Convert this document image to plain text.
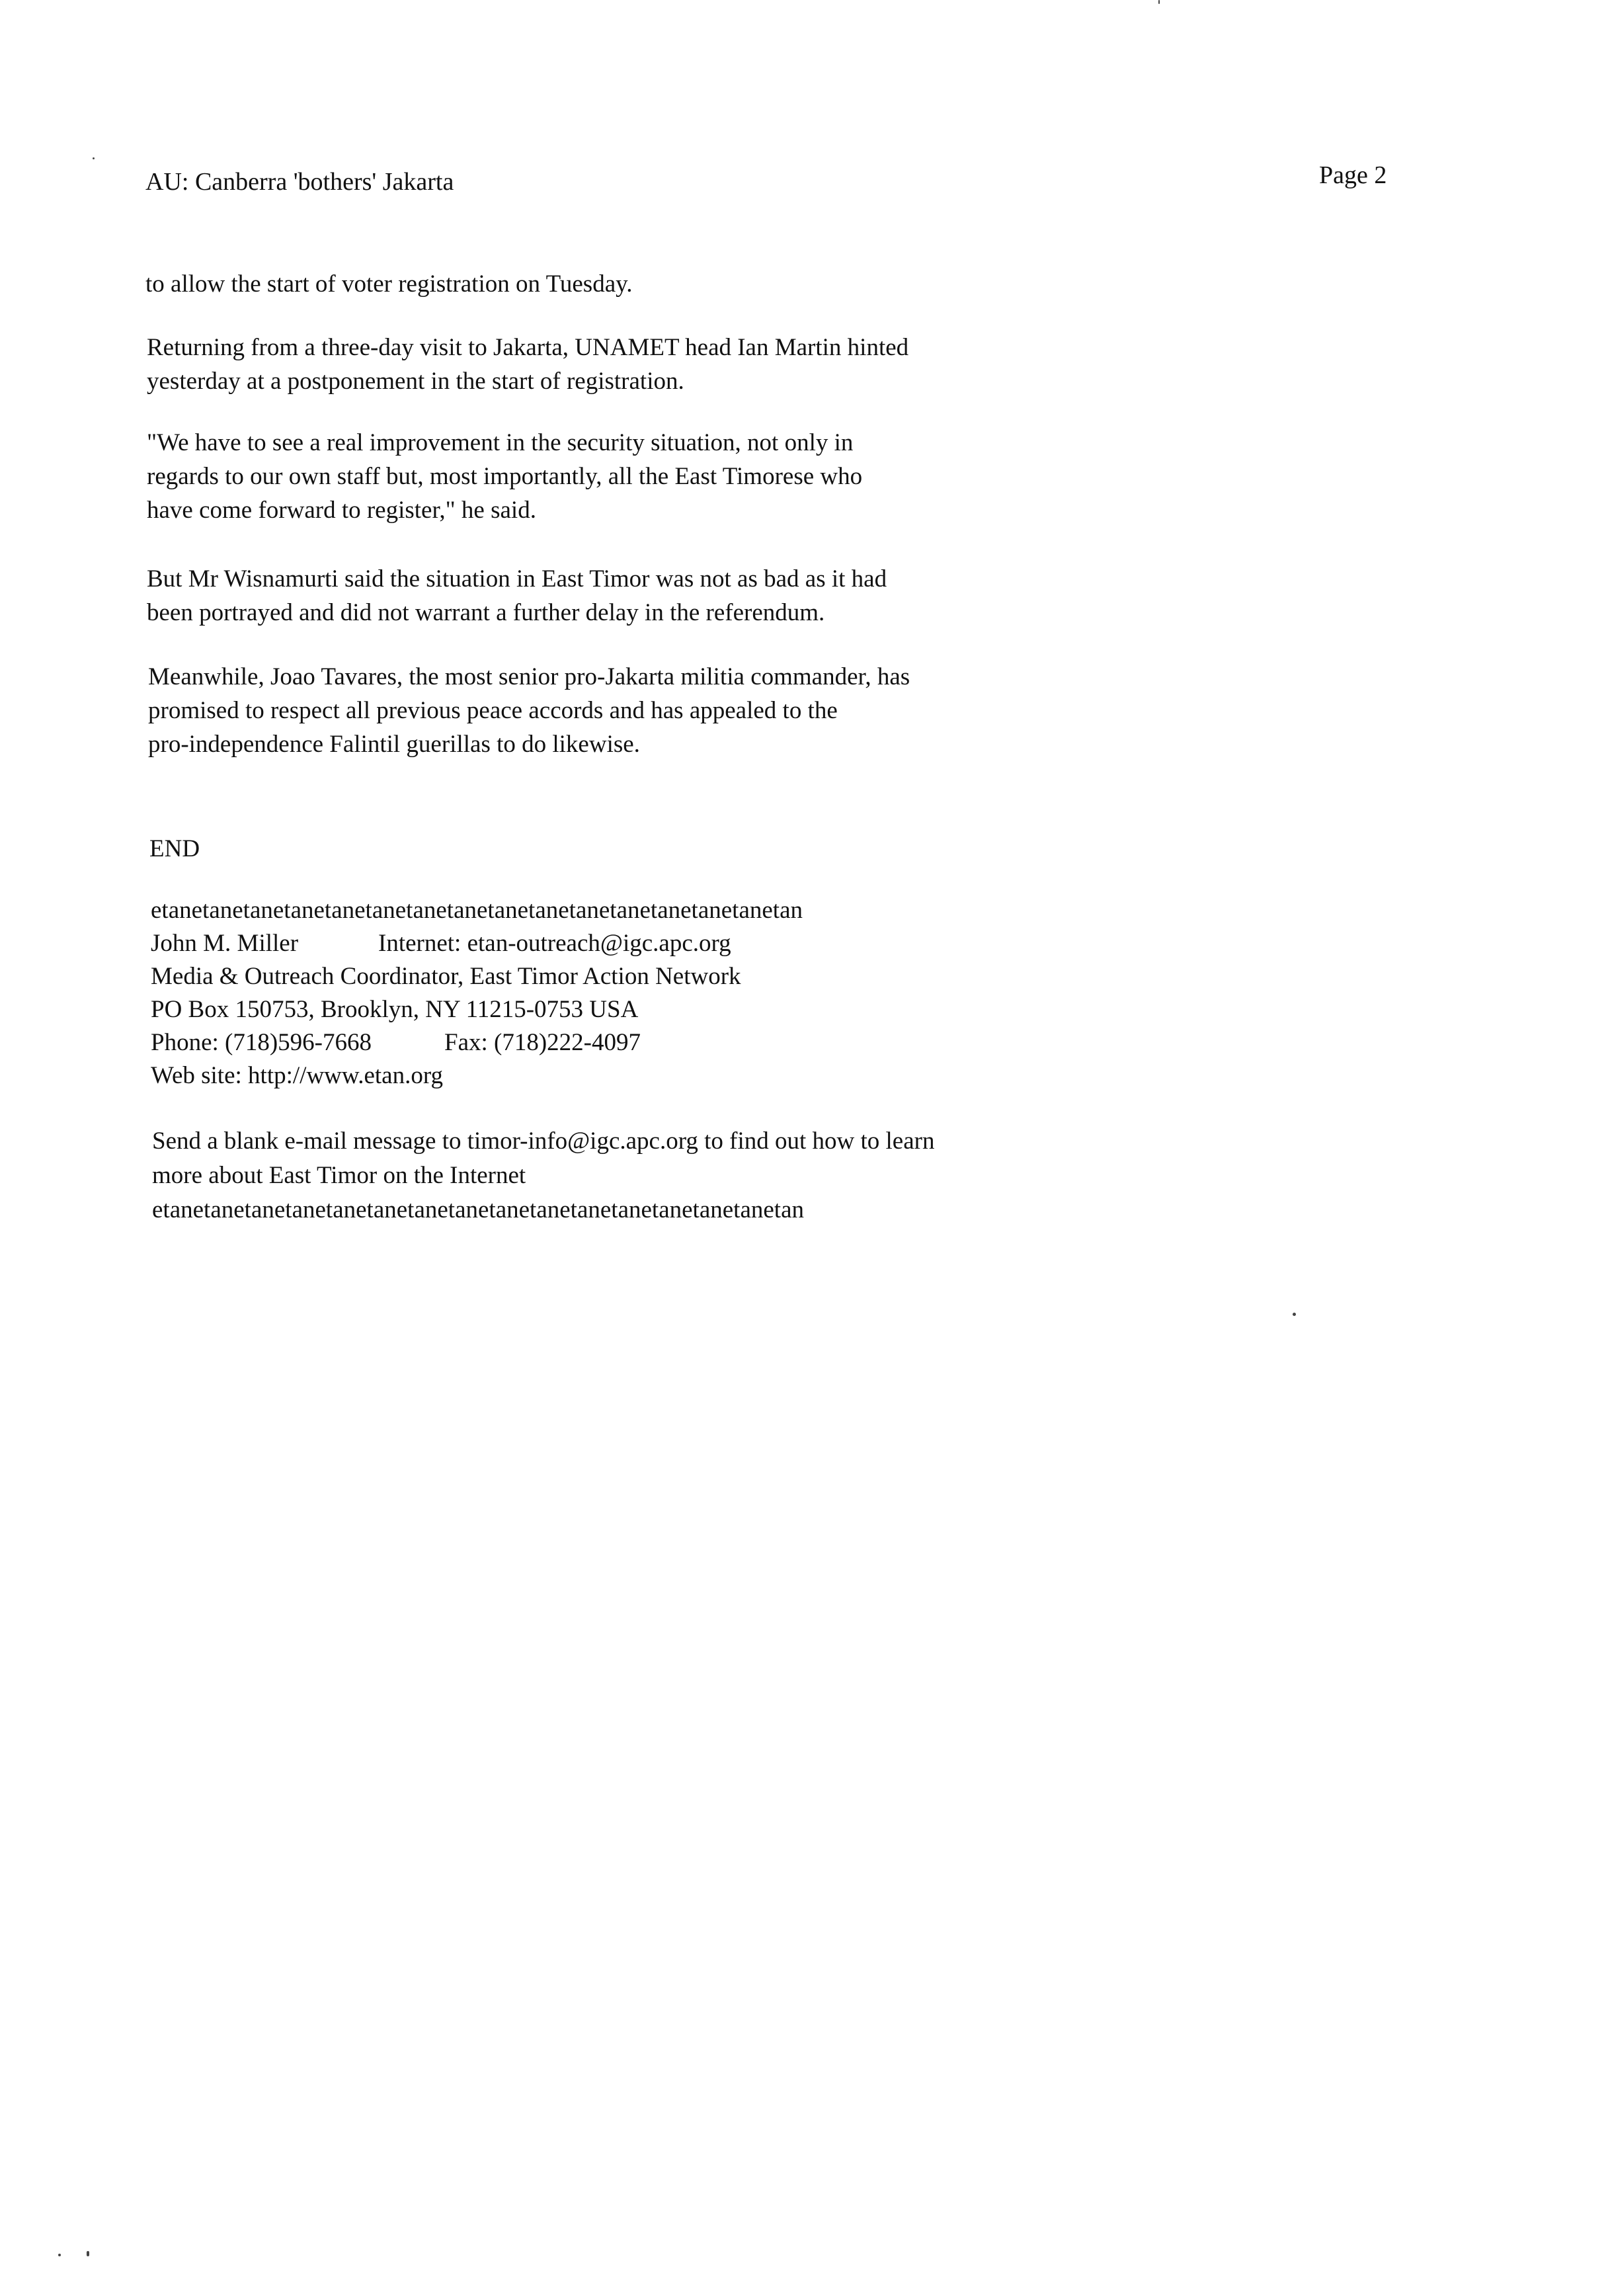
AU: Canberra 'bothers' Jakarta	Page 2
to allow the start of voter registration on Tuesday.
Returning from a three-day visit to Jakarta, UNAMET head Ian Martin hinted
yesterday at a postponement in the start of registration.
"We have to see a real improvement in the security situation, not only in
regards to our own staff but, most importantly, all the East Timorese who
have come forward to register," he said.
But Mr Wisnamurti said the situation in East Timor was not as bad as it had
been portrayed and did not warrant a further delay in the referendum.
Meanwhile, Joao Tavares, the most senior pro-Jakarta militia commander, has
promised to respect all previous peace accords and has appealed to the
pro-independence Falintil guerillas to do likewise.
END
etanetanetanetanetanetanetanetanetanetanetanetanetanetanetanetan
John M. Miller	Internet: etan-outreach@igc.apc.org
Media & Outreach Coordinator, East Timor Action Network
PO Box 150753, Brooklyn, NY 11215-0753 USA
Phone: (718)596-7668	Fax: (718)222-4097
Web site: http://www.etan.org
Send a blank e-mail message to timor-info@igc.apc.org to find out how to learn
more about East Timor on the Internet
etanetanetanetanetanetanetanetanetanetanetanetanetanetanetanetan
